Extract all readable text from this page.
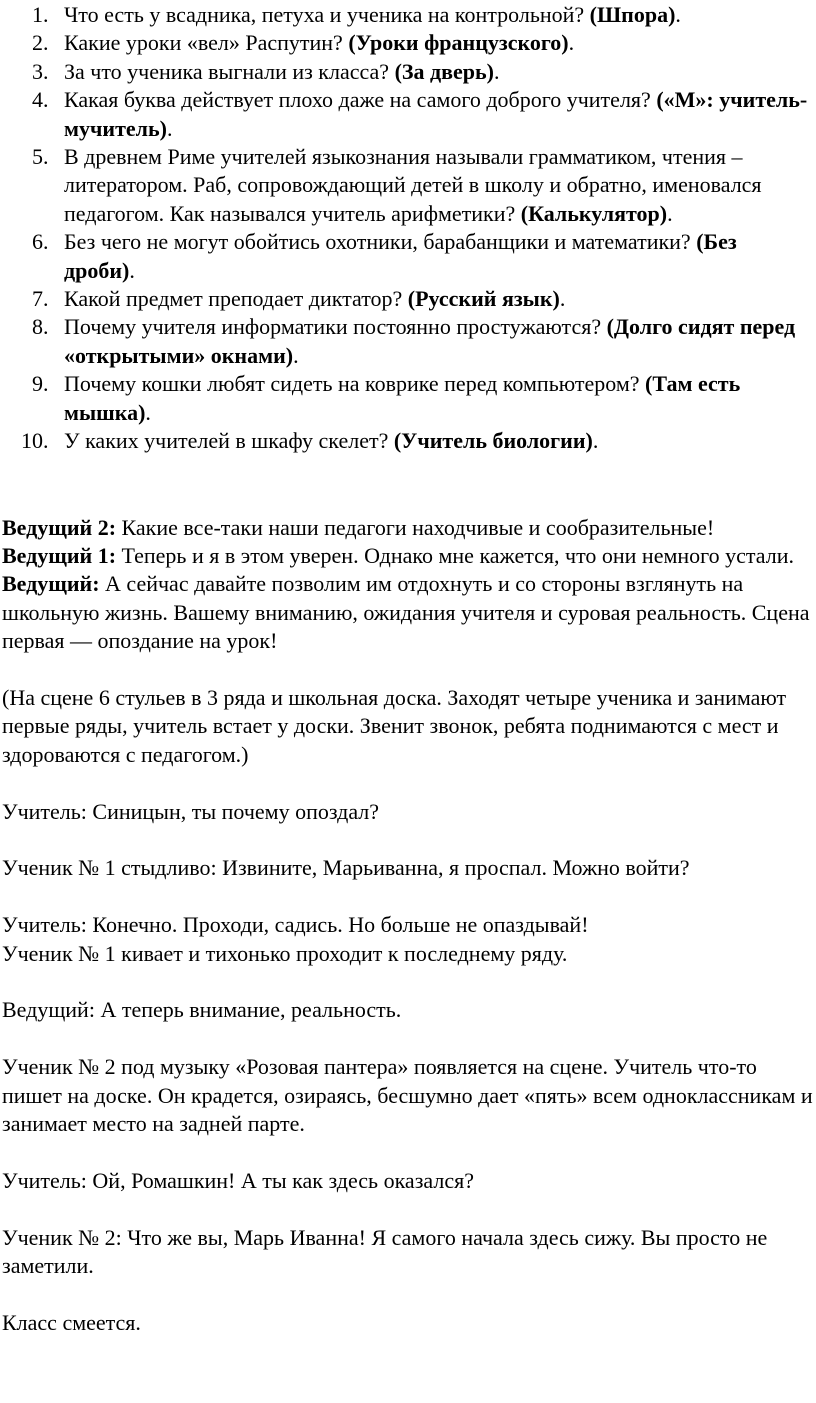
1. Что есть у всадника, петуха и ученика на контрольной? (Шпора).
2. Какие уроки «вел» Распутин? (Уроки французского).
3. За что ученика выгнали из класса? (За дверь).
4. Какая буква действует плохо даже на самого доброго учителя? («М»: учитель-мучитель).
5. В древнем Риме учителей языкознания называли грамматиком, чтения – литератором. Раб, сопровождающий детей в школу и обратно, именовался педагогом. Как назывался учитель арифметики? (Калькулятор).
6. Без чего не могут обойтись охотники, барабанщики и математики? (Без дроби).
7. Какой предмет преподает диктатор? (Русский язык).
8. Почему учителя информатики постоянно простужаются? (Долго сидят перед «открытыми» окнами).
9. Почему кошки любят сидеть на коврике перед компьютером? (Там есть мышка).
10. У каких учителей в шкафу скелет? (Учитель биологии).

Ведущий 2: Какие все-таки наши педагоги находчивые и сообразительные!

Ведущий 1: Теперь и я в этом уверен. Однако мне кажется, что они немного устали.

Ведущий: А сейчас давайте позволим им отдохнуть и со стороны взглянуть на школьную жизнь. Вашему вниманию, ожидания учителя и суровая реальность. Сцена первая — опоздание на урок!

(На сцене 6 стульев в 3 ряда и школьная доска. Заходят четыре ученика и занимают первые ряды, учитель встает у доски. Звенит звонок, ребята поднимаются с мест и здороваются с педагогом.)

Учитель: Синицын, ты почему опоздал?

Ученик № 1 стыдливо: Извините, Марьиванна, я проспал. Можно войти?

Учитель: Конечно. Проходи, садись. Но больше не опаздывай!

Ученик № 1 кивает и тихонько проходит к последнему ряду.

Ведущий: А теперь внимание, реальность.

Ученик № 2 под музыку «Розовая пантера» появляется на сцене. Учитель что-то пишет на доске. Он крадется, озираясь, бесшумно дает «пять» всем одноклассникам и занимает место на задней парте.

Учитель: Ой, Ромашкин! А ты как здесь оказался?

Ученик № 2: Что же вы, Марь Иванна! Я самого начала здесь сижу. Вы просто не заметили.

Класс смеется.
